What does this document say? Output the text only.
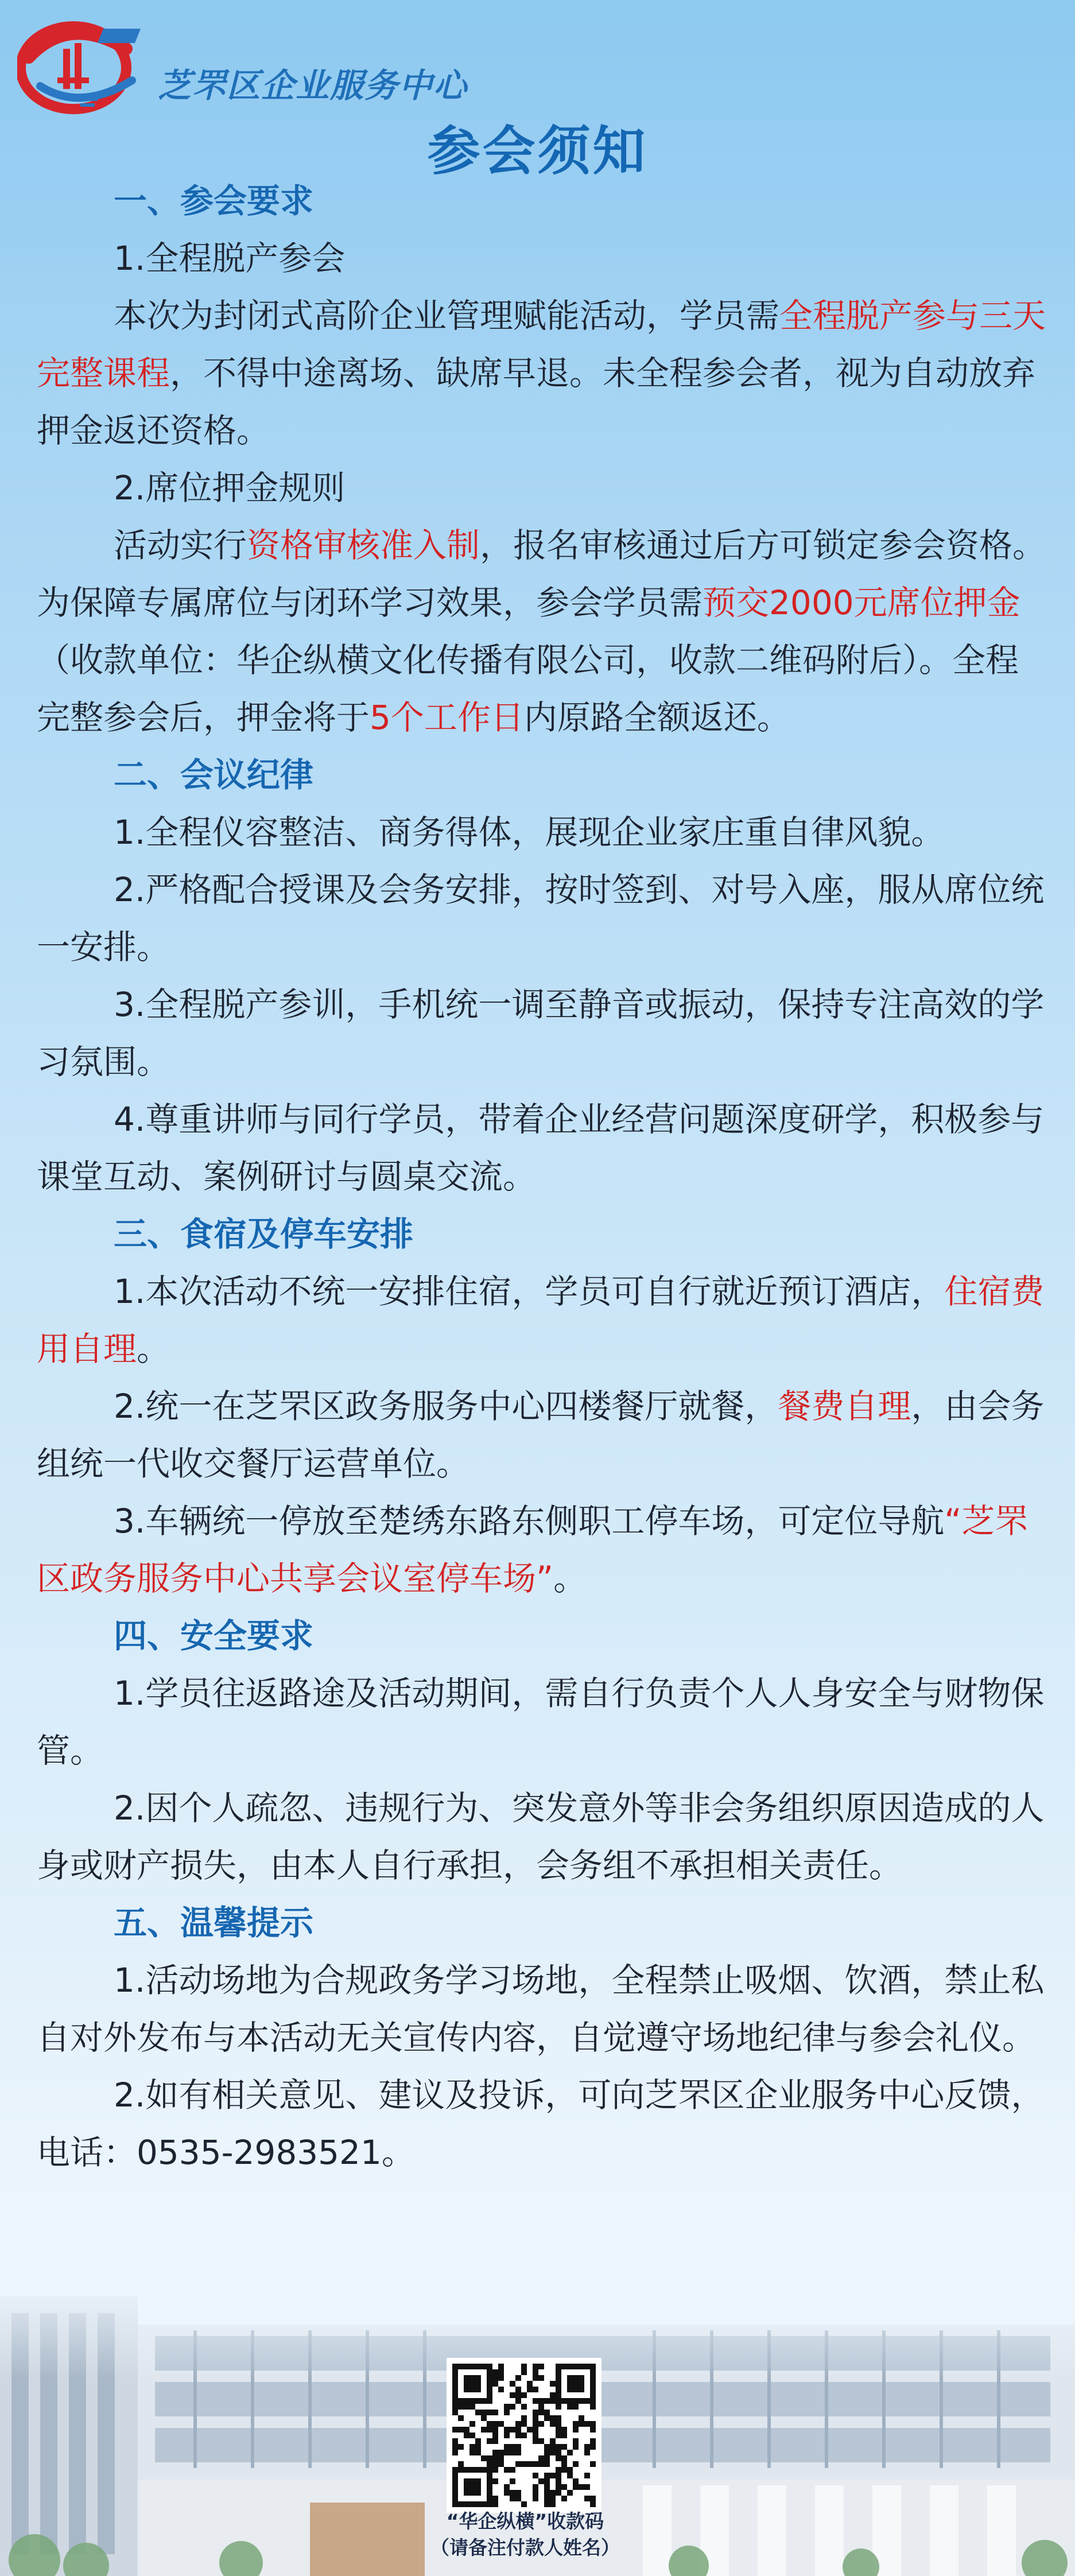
芝罘区企业服务中心
参会须知

一、参会要求

1.全程脱产参会

本次为封闭式高阶企业管理赋能活动，学员需全程脱产参与三天完整课程，不得中途离场、缺席早退。未全程参会者，视为自动放弃押金返还资格。

2.席位押金规则

活动实行资格审核准入制，报名审核通过后方可锁定参会资格。为保障专属席位与闭环学习效果，参会学员需预交2000元席位押金（收款单位：华企纵横文化传播有限公司，收款二维码附后）。全程完整参会后，押金将于5个工作日内原路全额返还。

二、会议纪律

1.全程仪容整洁、商务得体，展现企业家庄重自律风貌。

2.严格配合授课及会务安排，按时签到、对号入座，服从席位统一安排。

3.全程脱产参训，手机统一调至静音或振动，保持专注高效的学习氛围。

4.尊重讲师与同行学员，带着企业经营问题深度研学，积极参与课堂互动、案例研讨与圆桌交流。

三、食宿及停车安排

1.本次活动不统一安排住宿，学员可自行就近预订酒店，住宿费用自理。

2.统一在芝罘区政务服务中心四楼餐厅就餐，餐费自理，由会务组统一代收交餐厅运营单位。

3.车辆统一停放至楚绣东路东侧职工停车场，可定位导航“芝罘区政务服务中心共享会议室停车场”。

四、安全要求

1.学员往返路途及活动期间，需自行负责个人人身安全与财物保管。

2.因个人疏忽、违规行为、突发意外等非会务组织原因造成的人身或财产损失，由本人自行承担，会务组不承担相关责任。

五、温馨提示

1.活动场地为合规政务学习场地，全程禁止吸烟、饮酒，禁止私自对外发布与本活动无关宣传内容，自觉遵守场地纪律与参会礼仪。

2.如有相关意见、建议及投诉，可向芝罘区企业服务中心反馈，电话：0535-2983521。

“华企纵横”收款码
（请备注付款人姓名）
